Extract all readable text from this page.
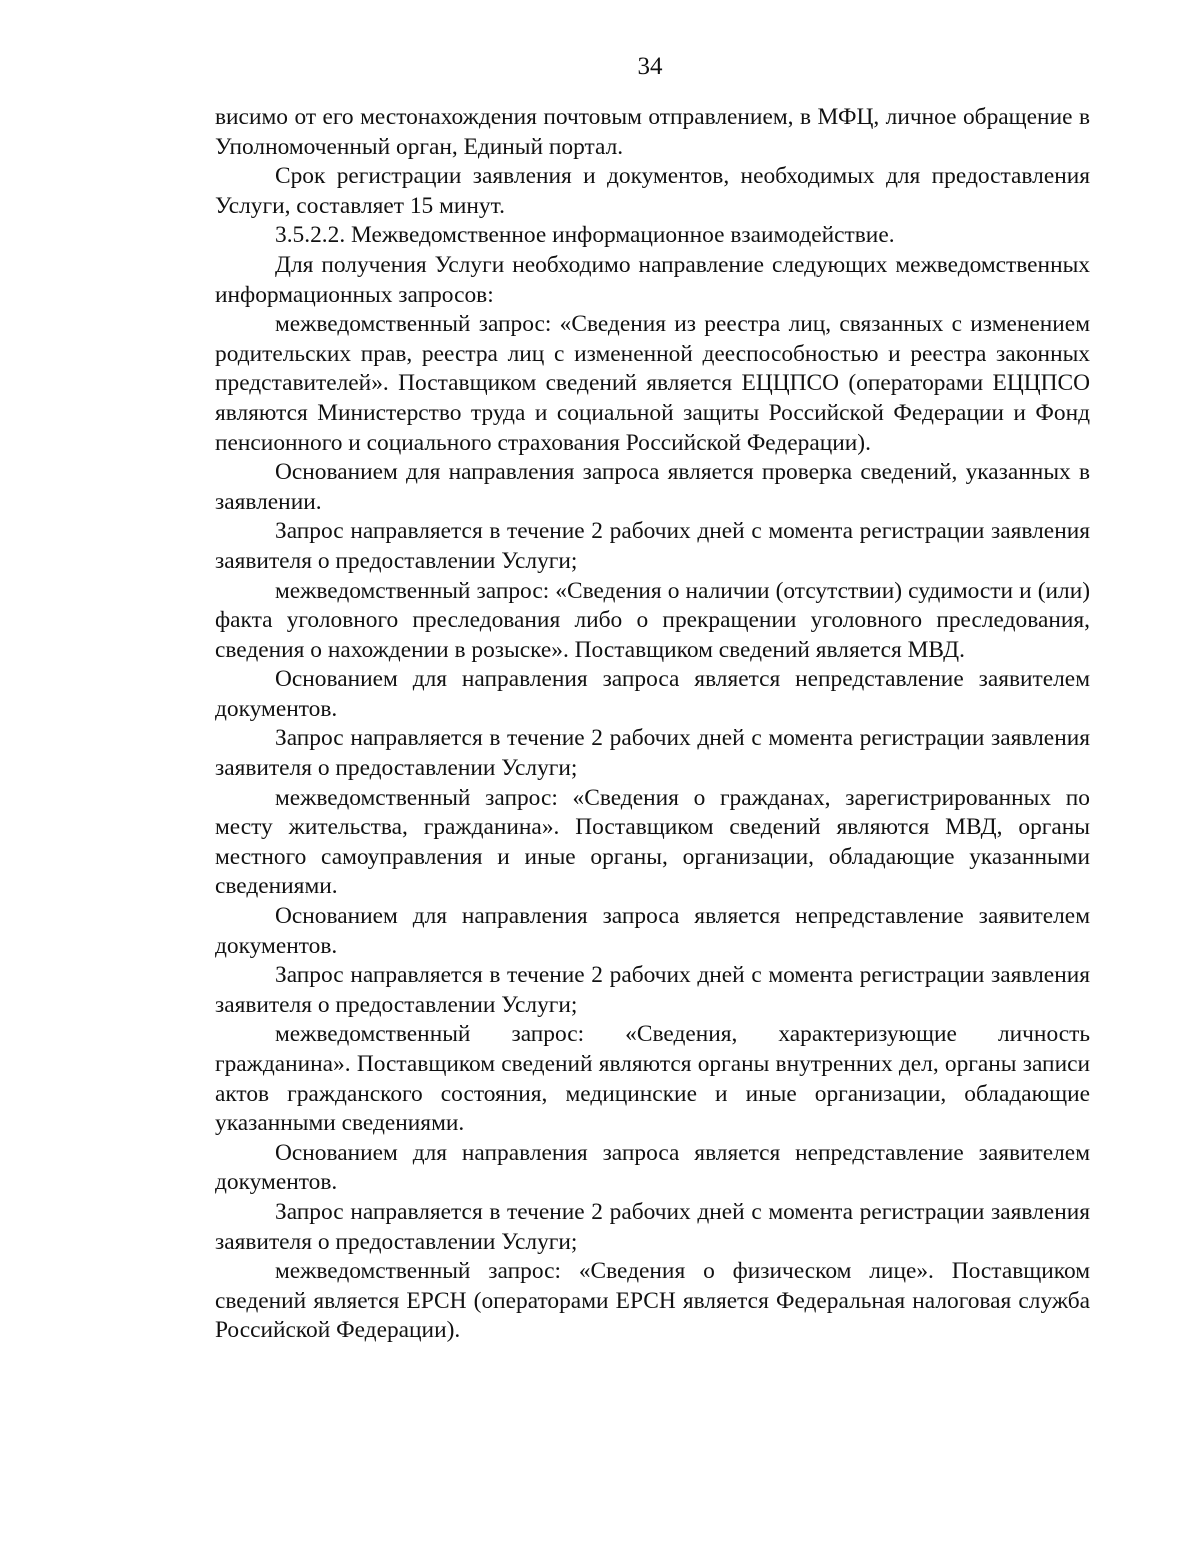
34

висимо от его местонахождения почтовым отправлением, в МФЦ, личное обращение в Уполномоченный орган, Единый портал.

Срок регистрации заявления и документов, необходимых для предоставления Услуги, составляет 15 минут.

3.5.2.2. Межведомственное информационное взаимодействие.

Для получения Услуги необходимо направление следующих межведомственных информационных запросов:

межведомственный запрос: «Сведения из реестра лиц, связанных с изменением родительских прав, реестра лиц с измененной дееспособностью и реестра законных представителей». Поставщиком сведений является ЕЦЦПСО (операторами ЕЦЦПСО являются Министерство труда и социальной защиты Российской Федерации и Фонд пенсионного и социального страхования Российской Федерации).

Основанием для направления запроса является проверка сведений, указанных в заявлении.

Запрос направляется в течение 2 рабочих дней с момента регистрации заявления заявителя о предоставлении Услуги;

межведомственный запрос: «Сведения о наличии (отсутствии) судимости и (или) факта уголовного преследования либо о прекращении уголовного преследования, сведения о нахождении в розыске». Поставщиком сведений является МВД.

Основанием для направления запроса является непредставление заявителем документов.

Запрос направляется в течение 2 рабочих дней с момента регистрации заявления заявителя о предоставлении Услуги;

межведомственный запрос: «Сведения о гражданах, зарегистрированных по месту жительства, гражданина». Поставщиком сведений являются МВД, органы местного самоуправления и иные органы, организации, обладающие указанными сведениями.

Основанием для направления запроса является непредставление заявителем документов.

Запрос направляется в течение 2 рабочих дней с момента регистрации заявления заявителя о предоставлении Услуги;

межведомственный запрос: «Сведения, характеризующие личность гражданина». Поставщиком сведений являются органы внутренних дел, органы записи актов гражданского состояния, медицинские и иные организации, обладающие указанными сведениями.

Основанием для направления запроса является непредставление заявителем документов.

Запрос направляется в течение 2 рабочих дней с момента регистрации заявления заявителя о предоставлении Услуги;

межведомственный запрос: «Сведения о физическом лице». Поставщиком сведений является ЕРСН (операторами ЕРСН является Федеральная налоговая служба Российской Федерации).
